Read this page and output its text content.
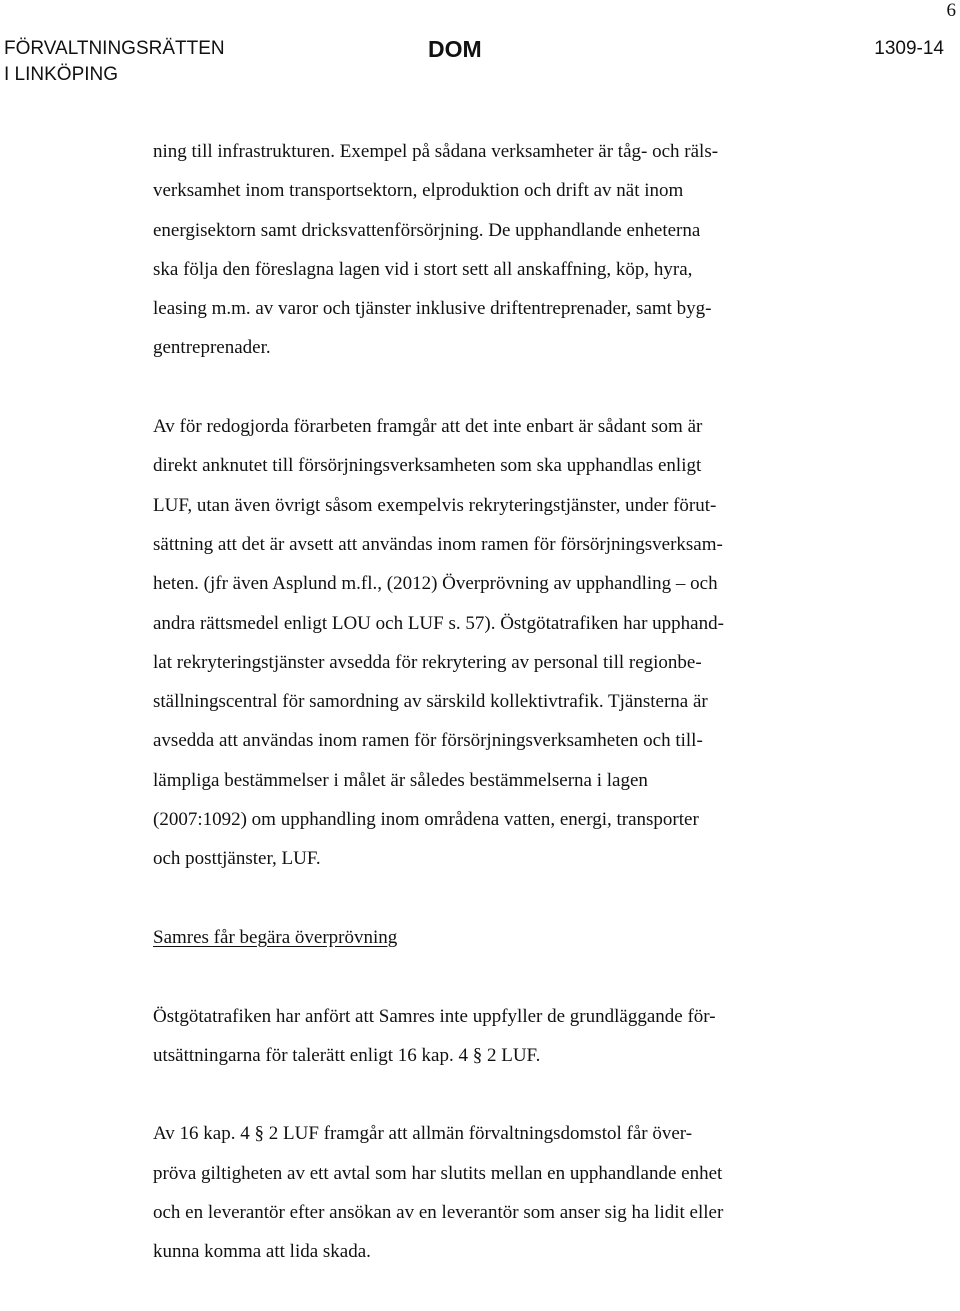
6
FÖRVALTNINGSRÄTTEN
I LINKÖPING
DOM	1309-14
ning till infrastrukturen. Exempel på sådana verksamheter är tåg- och räls-
verksamhet inom transportsektorn, elproduktion och drift av nät inom
energisektorn samt dricksvattenförsörjning. De upphandlande enheterna
ska följa den föreslagna lagen vid i stort sett all anskaffning, köp, hyra,
leasing m.m. av varor och tjänster inklusive driftentreprenader, samt byg-
gentreprenader.
Av för redogjorda förarbeten framgår att det inte enbart är sådant som är
direkt anknutet till försörjningsverksamheten som ska upphandlas enligt
LUF, utan även övrigt såsom exempelvis rekryteringstjänster, under förut-
sättning att det är avsett att användas inom ramen för försörjningsverksam-
heten. (jfr även Asplund m.fl., (2012) Överprövning av upphandling – och
andra rättsmedel enligt LOU och LUF s. 57). Östgötatrafiken har upphand-
lat rekryteringstjänster avsedda för rekrytering av personal till regionbe-
ställningscentral för samordning av särskild kollektivtrafik. Tjänsterna är
avsedda att användas inom ramen för försörjningsverksamheten och till-
lämpliga bestämmelser i målet är således bestämmelserna i lagen
(2007:1092) om upphandling inom områdena vatten, energi, transporter
och posttjänster, LUF.
Samres får begära överprövning
Östgötatrafiken har anfört att Samres inte uppfyller de grundläggande för-
utsättningarna för talerätt enligt 16 kap. 4 § 2 LUF.
Av 16 kap. 4 § 2 LUF framgår att allmän förvaltningsdomstol får över-
pröva giltigheten av ett avtal som har slutits mellan en upphandlande enhet
och en leverantör efter ansökan av en leverantör som anser sig ha lidit eller
kunna komma att lida skada.
